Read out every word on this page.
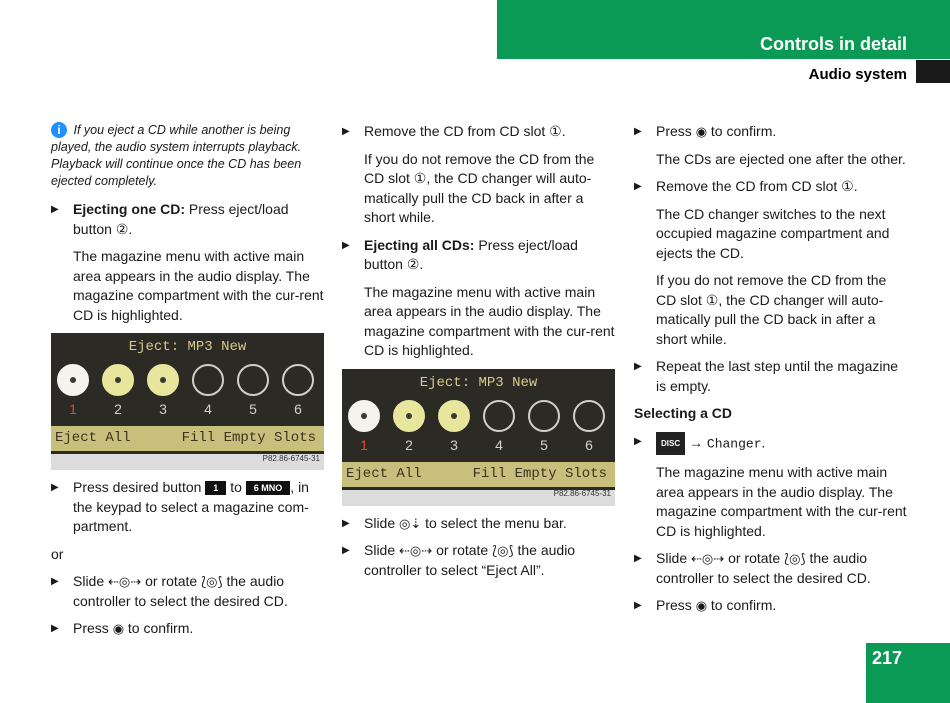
Controls in detail
Audio system

i If you eject a CD while another is being played, the audio system interrupts playback. Playback will continue once the CD has been ejected completely.

▶ Ejecting one CD: Press eject/load button ②.

The magazine menu with active main area appears in the audio display. The magazine compartment with the cur-rent CD is highlighted.

Eject: MP3 New
1	2	3	4	5	6
Eject All	Fill Empty Slots
P82.86-6745-31

▶ Press desired button 1 to 6 MNO , in the keypad to select a magazine com-partment.

or

▶ Slide ⇠◎⇢ or rotate ⟅◎⟆ the audio controller to select the desired CD.

▶ Press ◉ to confirm.

▶ Remove the CD from CD slot ①.

If you do not remove the CD from the CD slot ①, the CD changer will auto-matically pull the CD back in after a short while.

▶ Ejecting all CDs: Press eject/load button ②.

The magazine menu with active main area appears in the audio display. The magazine compartment with the cur-rent CD is highlighted.

Eject: MP3 New
1	2	3	4	5	6
Eject All	Fill Empty Slots
P82.86-6745-31

▶ Slide ◎⇣ to select the menu bar.

▶ Slide ⇠◎⇢ or rotate ⟅◎⟆ the audio controller to select “Eject All”.

▶ Press ◉ to confirm.

The CDs are ejected one after the other.

▶ Remove the CD from CD slot ①.

The CD changer switches to the next occupied magazine compartment and ejects the CD.

If you do not remove the CD from the CD slot ①, the CD changer will auto-matically pull the CD back in after a short while.

▶ Repeat the last step until the magazine is empty.

Selecting a CD

▶ DISC → Changer.

The magazine menu with active main area appears in the audio display. The magazine compartment with the cur-rent CD is highlighted.

▶ Slide ⇠◎⇢ or rotate ⟅◎⟆ the audio controller to select the desired CD.

▶ Press ◉ to confirm.

217
